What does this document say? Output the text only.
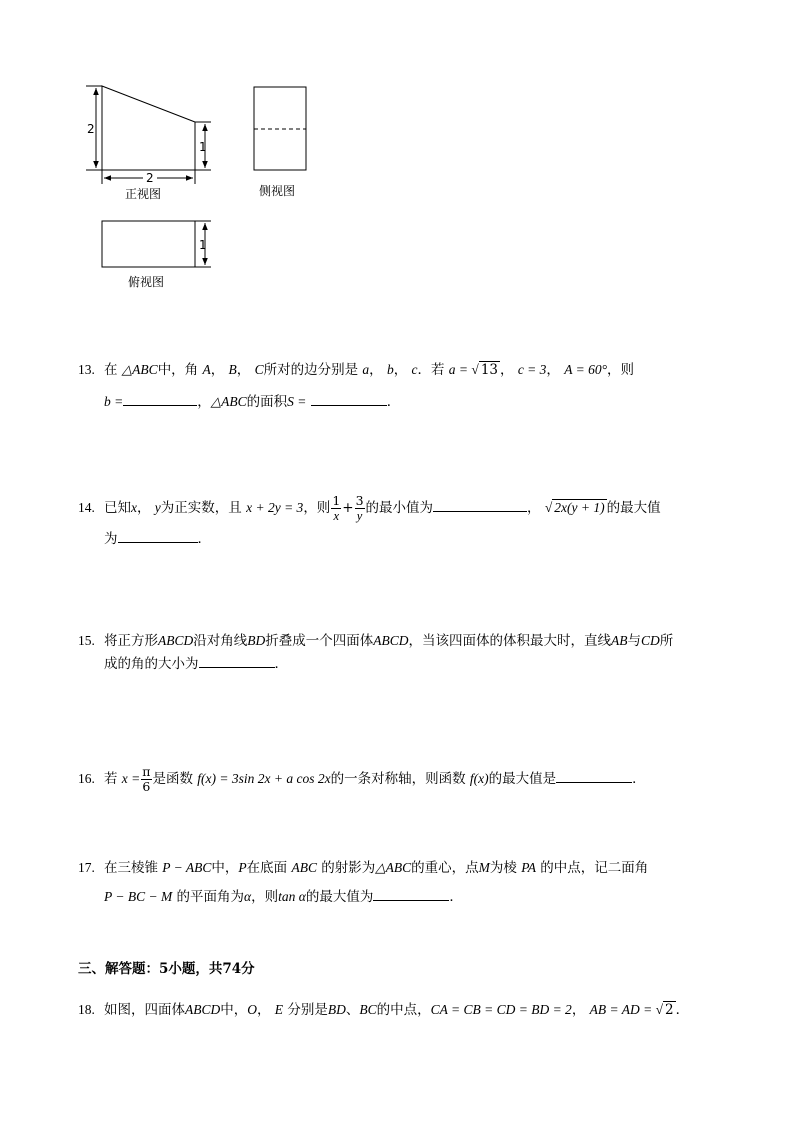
2
1
2
正视图	侧视图
1
俯视图
13. 在 △ABC中，角 A， B， C所对的边分别是 a， b， c．若 a = √ 13 ， c = 3， A = 60°，则
b =	，△ABC的面积S =	．
14. 已知x， y为正实数，且 x + 2y = 3，则 $\frac{1}{x} + \frac{3}{y}$ 的最小值为	， √ 2x(y + 1) 的最大值
为	．
15. 将正方形ABCD沿对角线BD折叠成一个四面体ABCD，当该四面体的体积最大时，直线AB与CD所
成的角的大小为	．
16. 若 $x = \frac{\pi}{6}$ 是函数 f(x) = 3sin 2x + a cos 2x的一条对称轴，则函数 f(x)的最大值是	．
17. 在三棱锥 P − ABC中，P在底面 ABC 的射影为△ABC的重心，点M为棱 PA 的中点，记二面角
P − BC − M 的平面角为α，则tan α的最大值为	．
三、解答题：5小题，共74分
18. 如图，四面体ABCD中，O， E 分别是BD、BC的中点，CA = CB = CD = BD = 2， AB = AD = √ 2 ．
